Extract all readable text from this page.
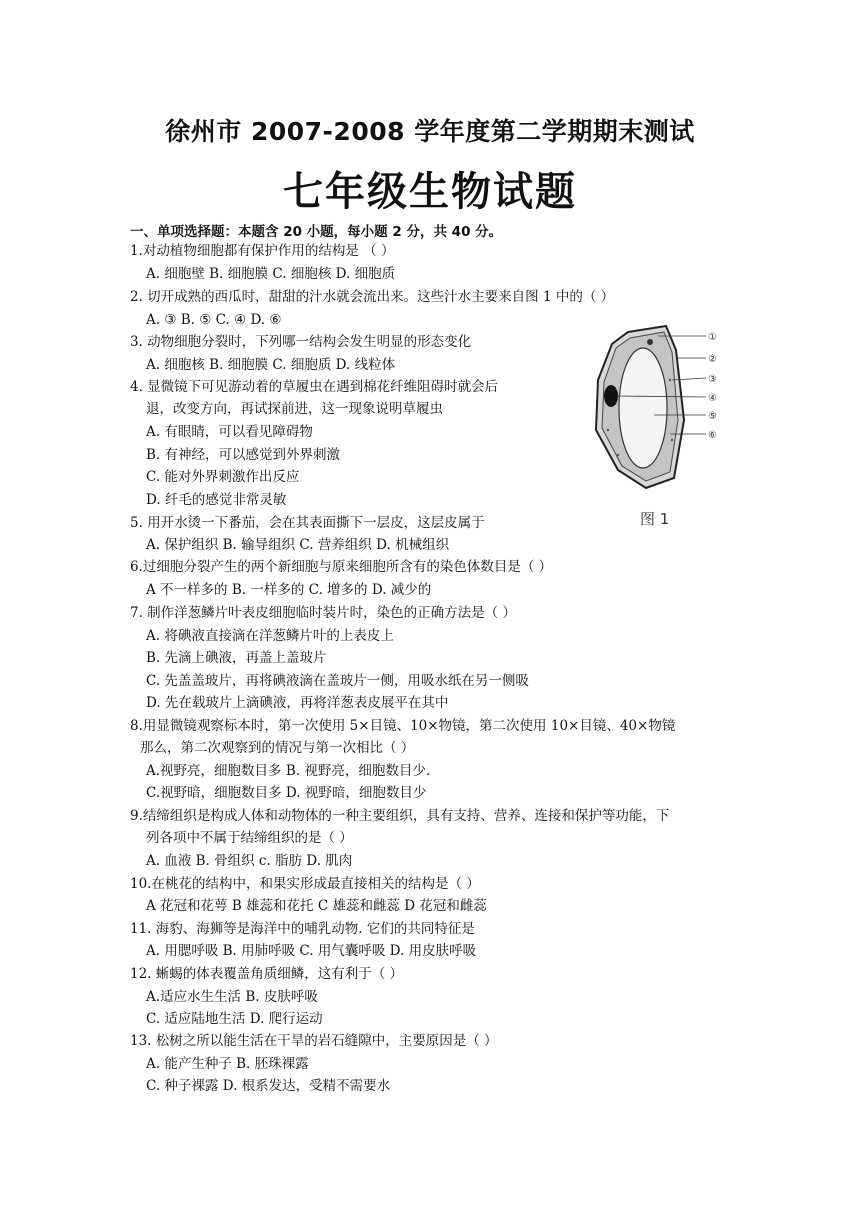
徐州市 2007-2008 学年度第二学期期末测试
七年级生物试题
一、单项选择题：本题含 20 小题，每小题 2 分，共 40 分。
1.对动植物细胞都有保护作用的结构是 （ ）
A. 细胞壁 B. 细胞膜 C. 细胞核 D. 细胞质
2. 切开成熟的西瓜时，甜甜的汁水就会流出来。这些汁水主要来自图 1 中的（ ）
A. ③ B. ⑤ C. ④ D. ⑥
3. 动物细胞分裂时，下列哪一结构会发生明显的形态变化
A. 细胞核 B. 细胞膜 C. 细胞质 D. 线粒体
4. 显微镜下可见游动着的草履虫在遇到棉花纤维阻碍时就会后
退，改变方向，再试探前进，这一现象说明草履虫
A. 有眼睛，可以看见障碍物
B. 有神经，可以感觉到外界刺激
C. 能对外界刺激作出反应
D. 纤毛的感觉非常灵敏
5. 用开水烫一下番茄，会在其表面撕下一层皮，这层皮属于
A. 保护组织 B. 输导组织 C. 营养组织 D. 机械组织
6.过细胞分裂产生的两个新细胞与原来细胞所含有的染色体数目是（ ）
A 不一样多的 B. 一样多的 C. 增多的 D. 减少的
7. 制作洋葱鳞片叶表皮细胞临时装片时，染色的正确方法是（ ）
A. 将碘液直接滴在洋葱鳞片叶的上表皮上
B. 先滴上碘液，再盖上盖玻片
C. 先盖盖玻片，再将碘液滴在盖玻片一侧，用吸水纸在另一侧吸
D. 先在载玻片上滴碘液，再将洋葱表皮展平在其中
8.用显微镜观察标本时，第一次使用 5×目镜、10×物镜，第二次使用 10×目镜、40×物镜
那么，第二次观察到的情况与第一次相比（ ）
A.视野亮，细胞数目多 B. 视野亮，细胞数目少.
C.视野暗，细胞数目多 D. 视野暗，细胞数目少
9.结缔组织是构成人体和动物体的一种主要组织，具有支持、营养、连接和保护等功能，下
列各项中不属于结缔组织的是（ ）
A. 血液 B. 骨组织 c. 脂肪 D. 肌肉
10.在桃花的结构中，和果实形成最直接相关的结构是（ ）
A 花冠和花萼 B 雄蕊和花托 C 雄蕊和雌蕊 D 花冠和雌蕊
11. 海豹、海狮等是海洋中的哺乳动物. 它们的共同特征是
A. 用腮呼吸 B. 用肺呼吸 C. 用气囊呼吸 D. 用皮肤呼吸
12. 蜥蜴的体表覆盖角质细鳞，这有利于（ ）
A.适应水生生活 B. 皮肤呼吸
C. 适应陆地生活 D. 爬行运动
13. 松树之所以能生活在干旱的岩石缝隙中，主要原因是（ ）
A. 能产生种子 B. 胚珠裸露
C. 种子裸露 D. 根系发达，受精不需要水
①
②
③
④
⑤
⑥
图 1
